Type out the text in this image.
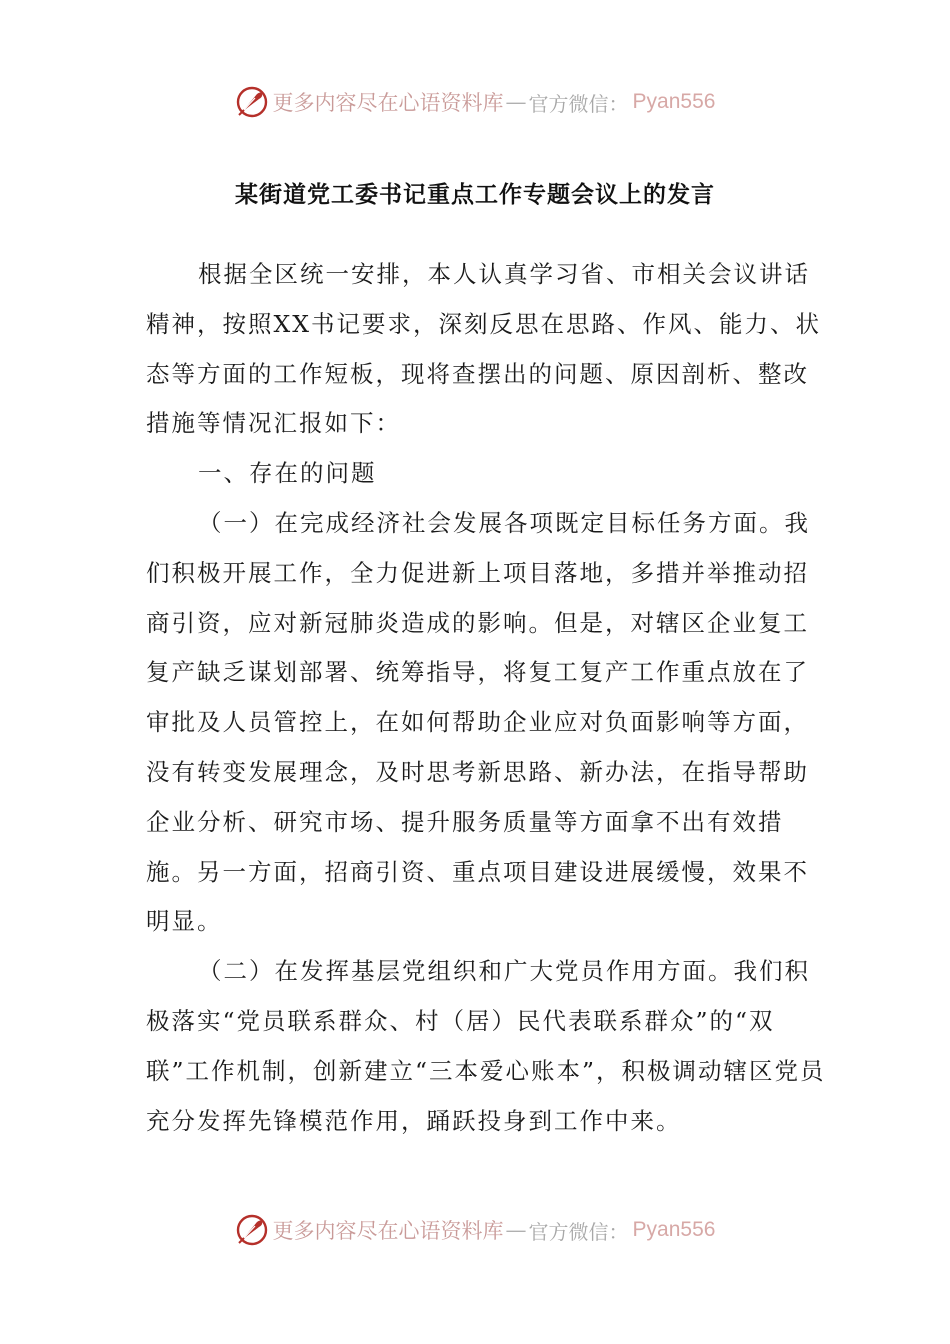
更多内容尽在心语资料库 — 官方微信： Pyan556
某街道党工委书记重点工作专题会议上的发言

根据全区统一安排，本人认真学习省、市相关会议讲话精神，按照XX书记要求，深刻反思在思路、作风、能力、状态等方面的工作短板，现将查摆出的问题、原因剖析、整改措施等情况汇报如下：

一、存在的问题

（一）在完成经济社会发展各项既定目标任务方面。我们积极开展工作，全力促进新上项目落地，多措并举推动招商引资，应对新冠肺炎造成的影响。但是，对辖区企业复工复产缺乏谋划部署、统筹指导，将复工复产工作重点放在了审批及人员管控上，在如何帮助企业应对负面影响等方面，没有转变发展理念，及时思考新思路、新办法，在指导帮助企业分析、研究市场、提升服务质量等方面拿不出有效措施。另一方面，招商引资、重点项目建设进展缓慢，效果不明显。

（二）在发挥基层党组织和广大党员作用方面。我们积极落实“党员联系群众、村（居）民代表联系群众”的“双联”工作机制，创新建立“三本爱心账本”，积极调动辖区党员充分发挥先锋模范作用，踊跃投身到工作中来。

更多内容尽在心语资料库 — 官方微信： Pyan556
